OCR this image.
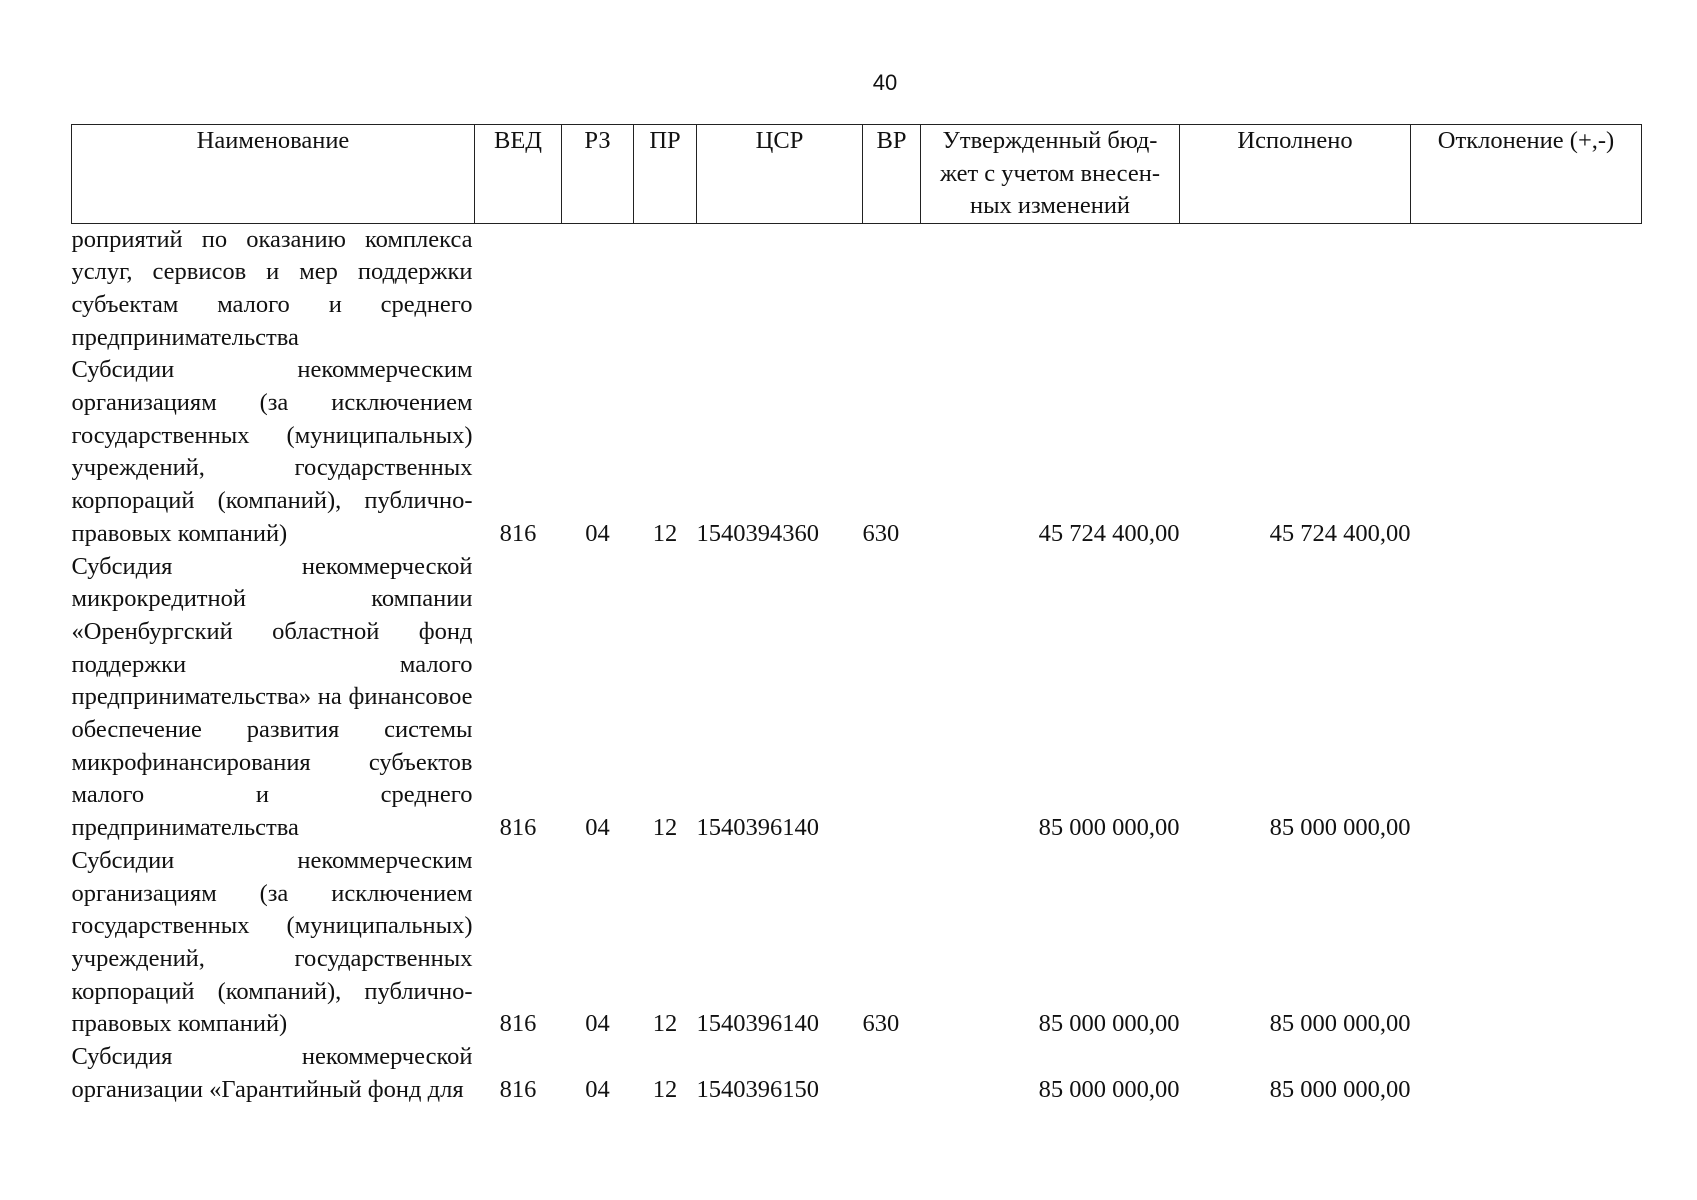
40
Наименование	ВЕД	РЗ	ПР	ЦСР	ВР	Утвержденный бюд-
жет с учетом внесен-
ных изменений	Исполнено	Отклонение (+,-)
роприятий по оказанию комплекса услуг, сервисов и мер поддержки субъектам малого и среднего предпринимательства								
Субсидии некоммерческим организациям (за исключением государственных (муниципальных) учреждений, государственных корпораций (компаний), публично-правовых компаний)	816	04	12	1540394360	630	45 724 400,00	45 724 400,00	
Субсидия некоммерческой микрокредитной компании «Оренбургский областной фонд поддержки малого предпринимательства» на финансовое обеспечение развития системы микрофинансирования субъектов малого и среднего предпринимательства	816	04	12	1540396140		85 000 000,00	85 000 000,00	
Субсидии некоммерческим организациям (за исключением государственных (муниципальных) учреждений, государственных корпораций (компаний), публично-правовых компаний)	816	04	12	1540396140	630	85 000 000,00	85 000 000,00	
Субсидия некоммерческой организации «Гарантийный фонд для	816	04	12	1540396150		85 000 000,00	85 000 000,00	
